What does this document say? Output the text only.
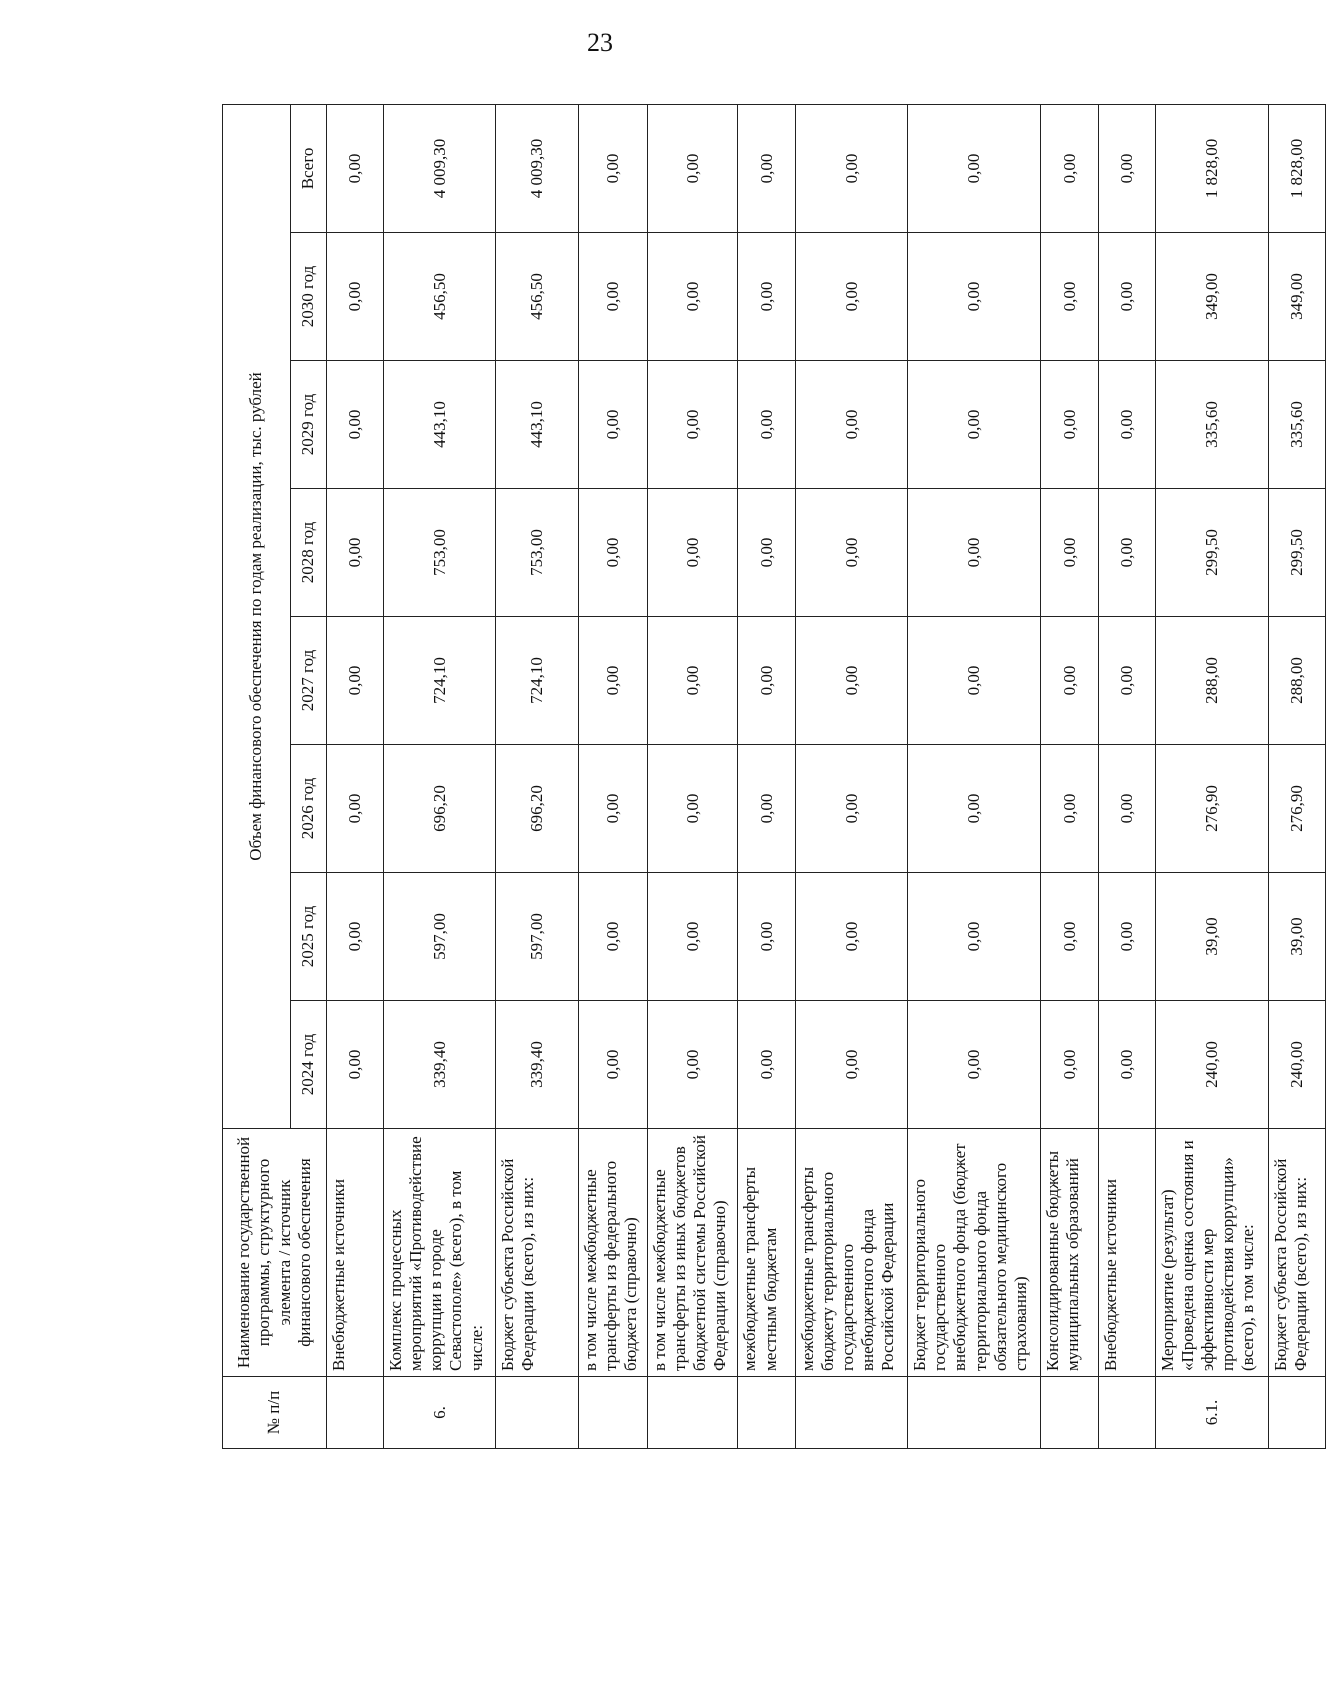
23
№ п/п	Наименование государственной программы, структурного элемента / источник финансового обеспечения	Объем финансового обеспечения по годам реализации, тыс. рублей							
		2024 год	2025 год	2026 год	2027 год	2028 год	2029 год	2030 год	Всего
	Внебюджетные источники	0,00	0,00	0,00	0,00	0,00	0,00	0,00	0,00
6.	Комплекс процессных мероприятий «Противодействие коррупции в городе Севастополе» (всего), в том числе:	339,40	597,00	696,20	724,10	753,00	443,10	456,50	4 009,30
	Бюджет субъекта Российской Федерации (всего), из них:	339,40	597,00	696,20	724,10	753,00	443,10	456,50	4 009,30
	в том числе межбюджетные трансферты из федерального бюджета (справочно)	0,00	0,00	0,00	0,00	0,00	0,00	0,00	0,00
	в том числе межбюджетные трансферты из иных бюджетов бюджетной системы Российской Федерации (справочно)	0,00	0,00	0,00	0,00	0,00	0,00	0,00	0,00
	межбюджетные трансферты местным бюджетам	0,00	0,00	0,00	0,00	0,00	0,00	0,00	0,00
	межбюджетные трансферты бюджету территориального государственного внебюджетного фонда Российской Федерации	0,00	0,00	0,00	0,00	0,00	0,00	0,00	0,00
	Бюджет территориального государственного внебюджетного фонда (бюджет территориального фонда обязательного медицинского страхования)	0,00	0,00	0,00	0,00	0,00	0,00	0,00	0,00
	Консолидированные бюджеты муниципальных образований	0,00	0,00	0,00	0,00	0,00	0,00	0,00	0,00
	Внебюджетные источники	0,00	0,00	0,00	0,00	0,00	0,00	0,00	0,00
6.1.	Мероприятие (результат) «Проведена оценка состояния и эффективности мер противодействия коррупции» (всего), в том числе:	240,00	39,00	276,90	288,00	299,50	335,60	349,00	1 828,00
	Бюджет субъекта Российской Федерации (всего), из них:	240,00	39,00	276,90	288,00	299,50	335,60	349,00	1 828,00
